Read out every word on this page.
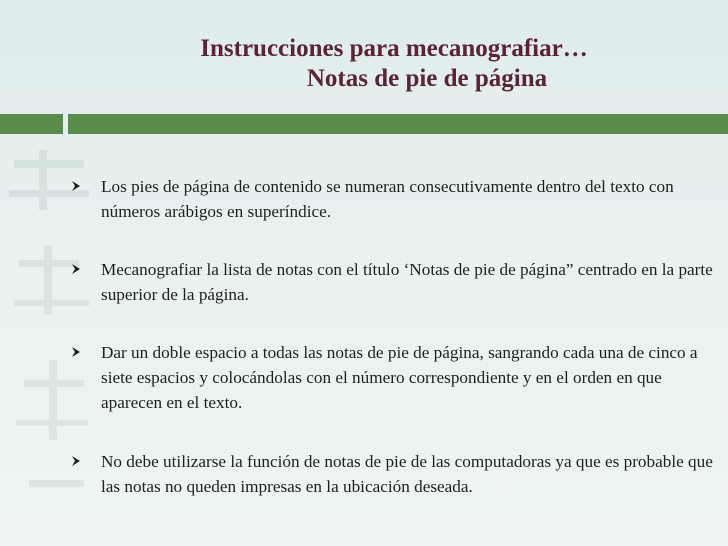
Instrucciones para mecanografiar…
Notas de pie de página
Los pies de página de contenido se numeran consecutivamente dentro del texto con números arábigos en superíndice.
Mecanografiar la lista de notas con el título ‘Notas de pie de página” centrado en la parte superior de la página.
Dar un doble espacio a todas las notas de pie de página, sangrando cada una de cinco a siete espacios y colocándolas con el número correspondiente y en el orden en que aparecen en el texto.
No debe utilizarse la función de notas de pie de las computadoras ya que es probable que las notas no queden impresas en la ubicación deseada.
